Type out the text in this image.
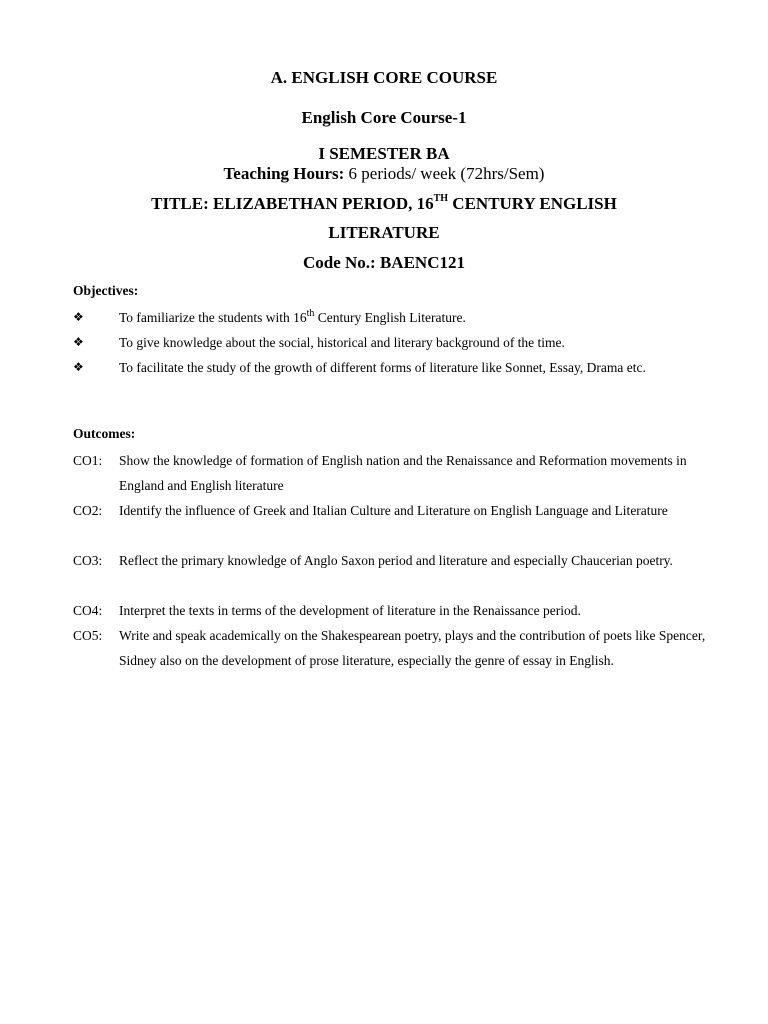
A. ENGLISH CORE COURSE
English Core Course-1
I SEMESTER BA
Teaching Hours: 6 periods/ week (72hrs/Sem)
TITLE: ELIZABETHAN PERIOD, 16TH CENTURY ENGLISH
LITERATURE
Code No.: BAENC121
Objectives:
❖	To familiarize the students with 16th Century English Literature.
❖	To give knowledge about the social, historical and literary background of the time.
❖	To facilitate the study of the growth of different forms of literature like Sonnet, Essay, Drama etc.
Outcomes:
CO1: Show the knowledge of formation of English nation and the Renaissance and Reformation movements in England and English literature
CO2: Identify the influence of Greek and Italian Culture and Literature on English Language and Literature
CO3: Reflect the primary knowledge of Anglo Saxon period and literature and especially Chaucerian poetry.
CO4: Interpret the texts in terms of the development of literature in the Renaissance period.
CO5: Write and speak academically on the Shakespearean poetry, plays and the contribution of poets like Spencer, Sidney also on the development of prose literature, especially the genre of essay in English.
